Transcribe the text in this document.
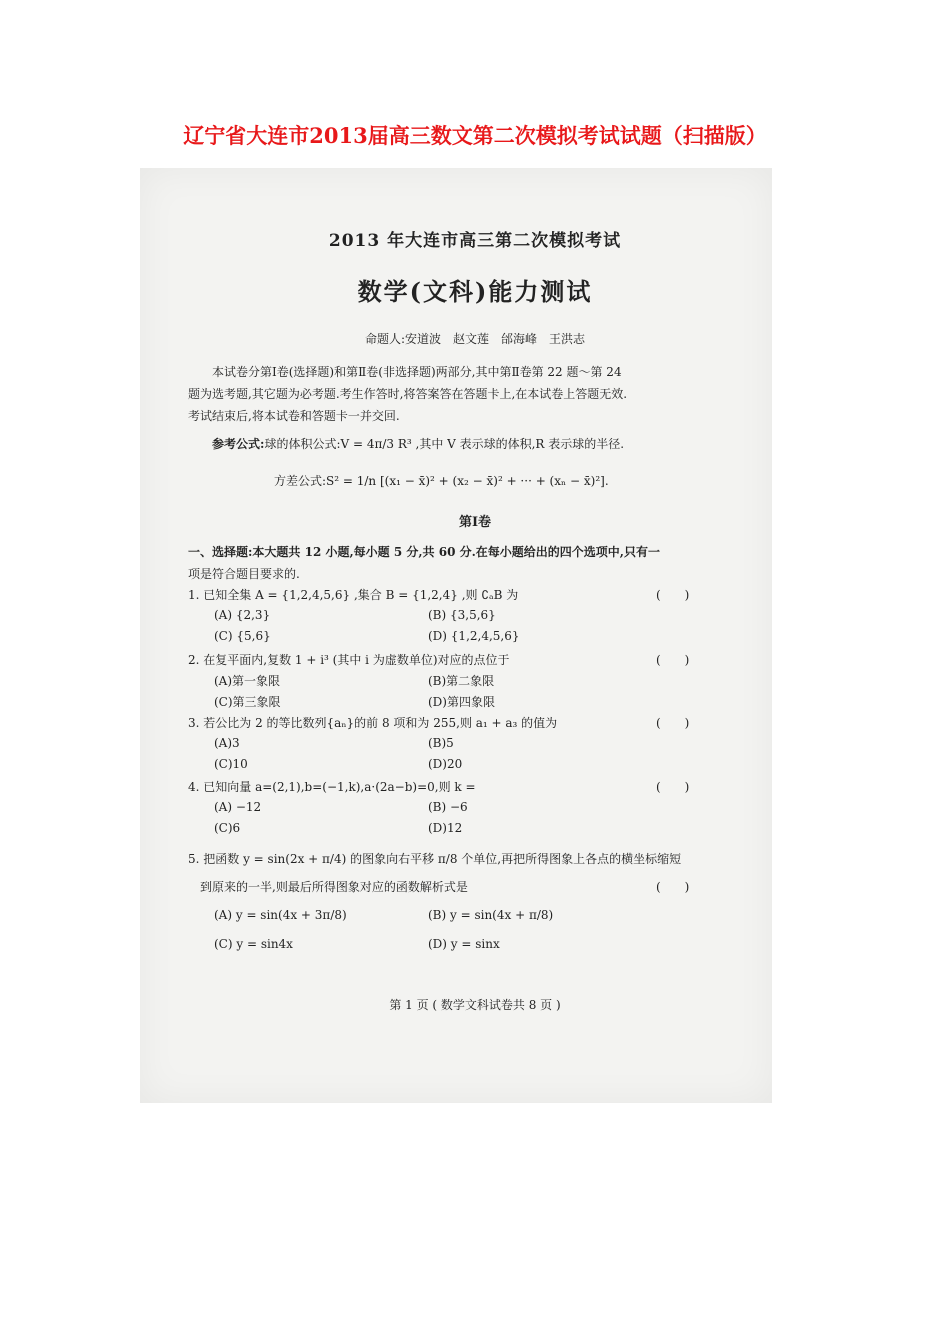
辽宁省大连市2013届高三数文第二次模拟考试试题（扫描版）
2013 年大连市高三第二次模拟考试
数学(文科)能力测试
命题人:安道波　赵文莲　邰海峰　王洪志
本试卷分第Ⅰ卷(选择题)和第Ⅱ卷(非选择题)两部分,其中第Ⅱ卷第 22 题～第 24
题为选考题,其它题为必考题.考生作答时,将答案答在答题卡上,在本试卷上答题无效.
考试结束后,将本试卷和答题卡一并交回.
参考公式:球的体积公式:V = 4π/3 R³ ,其中 V 表示球的体积,R 表示球的半径.
方差公式:S² = 1/n [(x₁ − x̄)² + (x₂ − x̄)² + ··· + (xₙ − x̄)²].
第Ⅰ卷
一、选择题:本大题共 12 小题,每小题 5 分,共 60 分.在每小题给出的四个选项中,只有一
项是符合题目要求的.
1. 已知全集 A = {1,2,4,5,6} ,集合 B = {1,2,4} ,则 ∁ₐB 为	(　　)
(A) {2,3}	(B) {3,5,6}
(C) {5,6}	(D) {1,2,4,5,6}
2. 在复平面内,复数 1 + i³ (其中 i 为虚数单位)对应的点位于	(　　)
(A)第一象限	(B)第二象限
(C)第三象限	(D)第四象限
3. 若公比为 2 的等比数列{aₙ}的前 8 项和为 255,则 a₁ + a₃ 的值为	(　　)
(A)3	(B)5
(C)10	(D)20
4. 已知向量 a=(2,1),b=(−1,k),a·(2a−b)=0,则 k =	(　　)
(A) −12	(B) −6
(C)6	(D)12
5. 把函数 y = sin(2x + π/4) 的图象向右平移 π/8 个单位,再把所得图象上各点的横坐标缩短
到原来的一半,则最后所得图象对应的函数解析式是	(　　)
(A) y = sin(4x + 3π/8)	(B) y = sin(4x + π/8)
(C) y = sin4x	(D) y = sinx
第 1 页 ( 数学文科试卷共 8 页 )
